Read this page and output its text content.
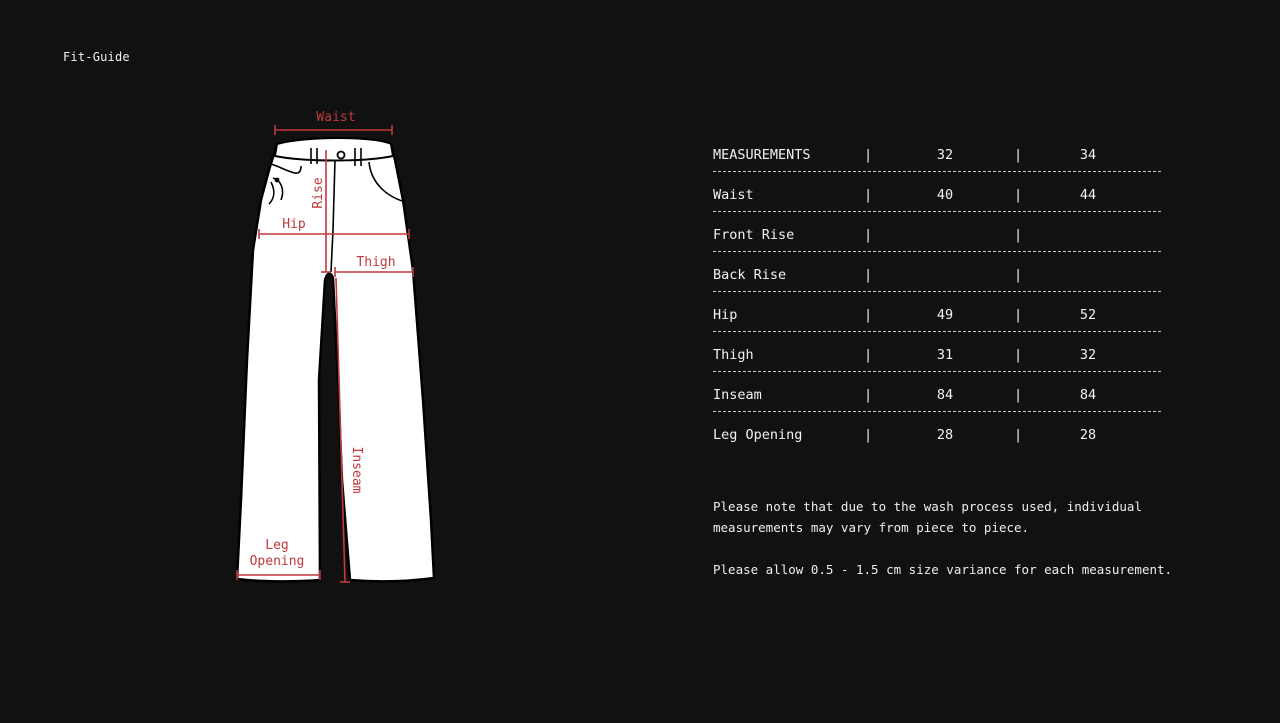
Fit-Guide
Waist
Rise
Hip
Thigh
Inseam
Leg
Opening
MEASUREMENTS	|	32	|	34
Waist	|	40	|	44
Front Rise	|	|
Back Rise	|	|
Hip	|	49	|	52
Thigh	|	31	|	32
Inseam	|	84	|	84
Leg Opening	|	28	|	28

Please note that due to the wash process used, individual measurements may vary from piece to piece.

Please allow 0.5 - 1.5 cm size variance for each measurement.
